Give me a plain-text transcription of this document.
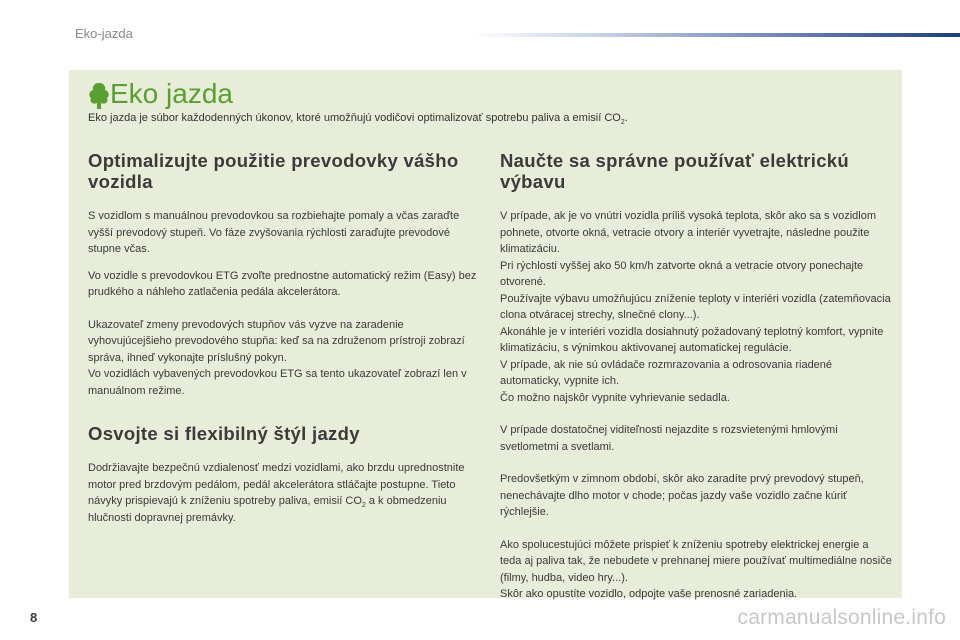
Eko-jazda
Eko jazda
Eko jazda je súbor každodenných úkonov, ktoré umožňujú vodičovi optimalizovať spotrebu paliva a emisií $CO_2$.
Optimalizujte použitie prevodovky vášho vozidla

S vozidlom s manuálnou prevodovkou sa rozbiehajte pomaly a včas zaraďte vyšší prevodový stupeň. Vo fáze zvyšovania rýchlosti zaraďujte prevodové stupne včas.

Vo vozidle s prevodovkou ETG zvoľte prednostne automatický režim (Easy) bez prudkého a náhleho zatlačenia pedála akcelerátora.

Ukazovateľ zmeny prevodových stupňov vás vyzve na zaradenie vyhovujúcejšieho prevodového stupňa: keď sa na združenom prístroji zobrazí správa, ihneď vykonajte príslušný pokyn.

Vo vozidlách vybavených prevodovkou ETG sa tento ukazovateľ zobrazí len v manuálnom režime.

Osvojte si flexibilný štýl jazdy

Dodržiavajte bezpečnú vzdialenosť medzi vozidlami, ako brzdu uprednostnite motor pred brzdovým pedálom, pedál akcelerátora stláčajte postupne. Tieto návyky prispievajú k zníženiu spotreby paliva, emisií $CO_2$ a k obmedzeniu hlučnosti dopravnej premávky.

Naučte sa správne používať elektrickú výbavu

V prípade, ak je vo vnútri vozidla príliš vysoká teplota, skôr ako sa s vozidlom pohnete, otvorte okná, vetracie otvory a interiér vyvetrajte, následne použite klimatizáciu.

Pri rýchlosti vyššej ako 50 km/h zatvorte okná a vetracie otvory ponechajte otvorené.

Používajte výbavu umožňujúcu zníženie teploty v interiéri vozidla (zatemňovacia clona otváracej strechy, slnečné clony...).

Akonáhle je v interiéri vozidla dosiahnutý požadovaný teplotný komfort, vypnite klimatizáciu, s výnimkou aktivovanej automatickej regulácie.

V prípade, ak nie sú ovládače rozmrazovania a odrosovania riadené automaticky, vypnite ich.

Čo možno najskôr vypnite vyhrievanie sedadla.

V prípade dostatočnej viditeľnosti nejazdite s rozsvietenými hmlovými svetlometmi a svetlami.

Predovšetkým v zimnom období, skôr ako zaradíte prvý prevodový stupeň, nenechávajte dlho motor v chode; počas jazdy vaše vozidlo začne kúriť rýchlejšie.

Ako spolucestujúci môžete prispieť k zníženiu spotreby elektrickej energie a teda aj paliva tak, že nebudete v prehnanej miere používať multimediálne nosiče (filmy, hudba, video hry...).

Skôr ako opustíte vozidlo, odpojte vaše prenosné zariadenia.

8	carmanualsonline.info
